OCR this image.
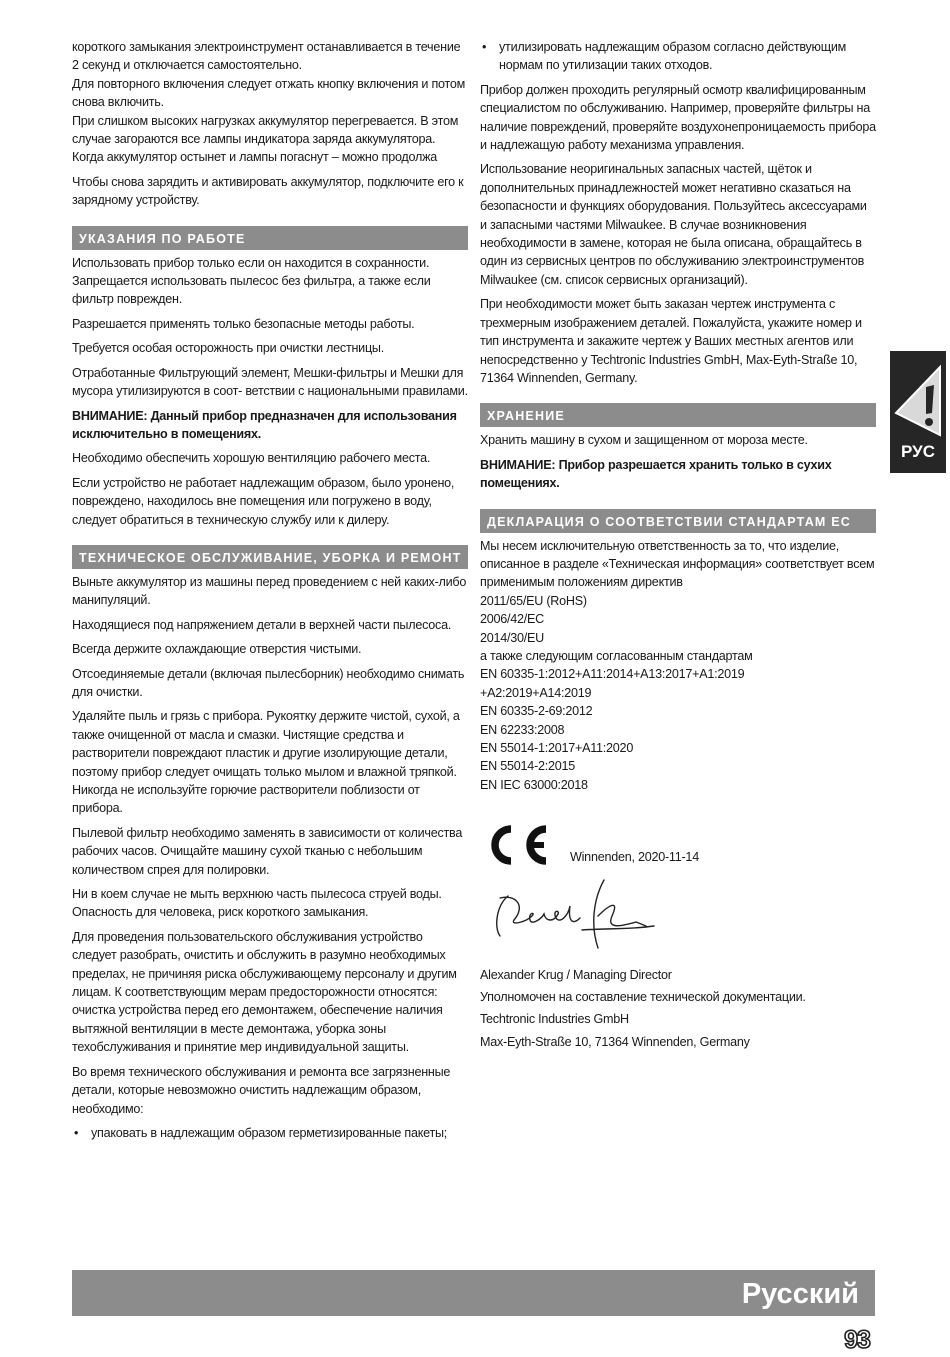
короткого замыкания электроинструмент останавливается в течение 2 секунд и отключается самостоятельно.

Для повторного включения следует отжать кнопку включения и потом снова включить.

При слишком высоких нагрузках аккумулятор перегревается. В этом случае загораются все лампы индикатора заряда аккумулятора. Когда аккумулятор остынет и лампы погаснут – можно продолжа

Чтобы снова зарядить и активировать аккумулятор, подключите его к зарядному устройству.

УКАЗАНИЯ ПО РАБОТЕ

Использовать прибор только если он находится в сохранности. Запрещается использовать пылесос без фильтра, а также если фильтр поврежден.

Разрешается применять только безопасные методы работы.

Требуется особая осторожность при очистки лестницы.

Отработанные Фильтрующий элемент, Мешки-фильтры и Мешки для мусора утилизируются в соот- ветствии с национальными правилами.

ВНИМАНИЕ: Данный прибор предназначен для использования исключительно в помещениях.

Необходимо обеспечить хорошую вентиляцию рабочего места.

Если устройство не работает надлежащим образом, было уронено, повреждено, находилось вне помещения или погружено в воду, следует обратиться в техническую службу или к дилеру.

ТЕХНИЧЕСКОЕ ОБСЛУЖИВАНИЕ, УБОРКА И РЕМОНТ

Выньте аккумулятор из машины перед проведением с ней каких-либо манипуляций.

Находящиеся под напряжением детали в верхней части пылесоса.

Всегда держите охлаждающие отверстия чистыми.

Отсоединяемые детали (включая пылесборник) необходимо снимать для очистки.

Удаляйте пыль и грязь с прибора. Рукоятку держите чистой, сухой, а также очищенной от масла и смазки. Чистящие средства и растворители повреждают пластик и другие изолирующие детали, поэтому прибор следует очищать только мылом и влажной тряпкой. Никогда не используйте горючие растворители поблизости от прибора.

Пылевой фильтр необходимо заменять в зависимости от количества рабочих часов. Очищайте машину сухой тканью с небольшим количеством спрея для полировки.

Ни в коем случае не мыть верхнюю часть пылесоса струей воды. Опасность для человека, риск короткого замыкания.

Для проведения пользовательского обслуживания устройство следует разобрать, очистить и обслужить в разумно необходимых пределах, не причиняя риска обслуживающему персоналу и другим лицам. К соответствующим мерам предосторожности относятся: очистка устройства перед его демонтажем, обеспечение наличия вытяжной вентиляции в месте демонтажа, уборка зоны техобслуживания и принятие мер индивидуальной защиты.

Во время технического обслуживания и ремонта все загрязненные детали, которые невозможно очистить надлежащим образом, необходимо:

• упаковать в надлежащим образом герметизированные пакеты;
• утилизировать надлежащим образом согласно действующим нормам по утилизации таких отходов.

Прибор должен проходить регулярный осмотр квалифицированным специалистом по обслуживанию. Например, проверяйте фильтры на наличие повреждений, проверяйте воздухонепроницаемость прибора и надлежащую работу механизма управления.

Использование неоригинальных запасных частей, щёток и дополнительных принадлежностей может негативно сказаться на безопасности и функциях оборудования. Пользуйтесь аксессуарами и запасными частями Milwaukee. В случае возникновения необходимости в замене, которая не была описана, обращайтесь в один из сервисных центров по обслуживанию электроинструментов Milwaukee (см. список сервисных организаций).

При необходимости может быть заказан чертеж инструмента с трехмерным изображением деталей. Пожалуйста, укажите номер и тип инструмента и закажите чертеж у Ваших местных агентов или непосредственно у Techtronic Industries GmbH, Max-Eyth-Straße 10, 71364 Winnenden, Germany.

ХРАНЕНИЕ

Хранить машину в сухом и защищенном от мороза месте.

ВНИМАНИЕ: Прибор разрешается хранить только в сухих помещениях.

ДЕКЛАРАЦИЯ О СООТВЕТСТВИИ СТАНДАРТАМ ЕС

Мы несем исключительную ответственность за то, что изделие, описанное в разделе «Техническая информация» соответствует всем применимым положениям директив

2011/65/EU (RoHS)
2006/42/EC
2014/30/EU
а также следующим согласованным стандартам
EN 60335-1:2012+A11:2014+A13:2017+A1:2019
+A2:2019+A14:2019
EN 60335-2-69:2012
EN 62233:2008
EN 55014-1:2017+A11:2020
EN 55014-2:2015
EN IEC 63000:2018
Winnenden, 2020-11-14
Alexander Krug / Managing Director
Уполномочен на составление технической документации.
Techtronic Industries GmbH
Max-Eyth-Straße 10, 71364 Winnenden, Germany
РУС
Русский
93
